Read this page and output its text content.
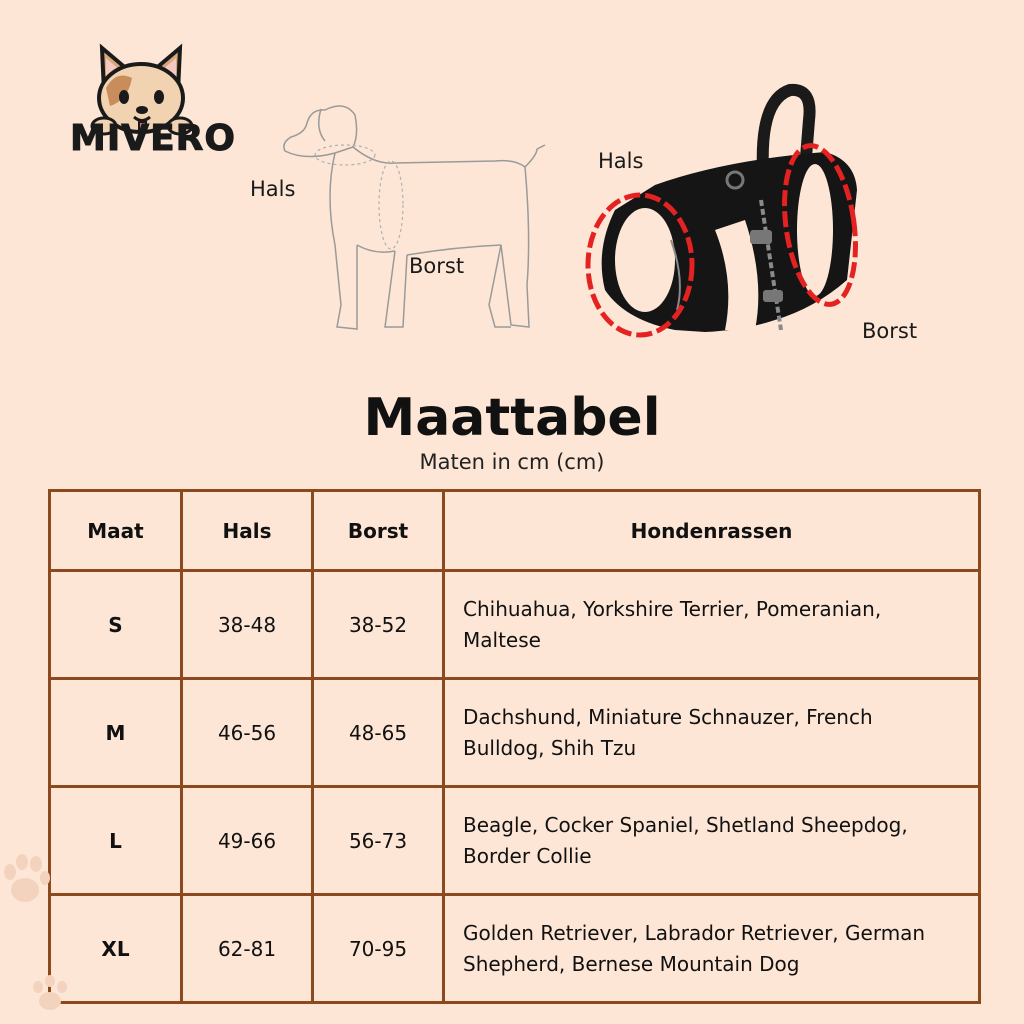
MIVERO
Hals
Borst
Hals
Borst
Maattabel
Maten in cm (cm)
Maat	Hals	Borst	Hondenrassen
S	38-48	38-52	Chihuahua, Yorkshire Terrier, Pomeranian, Maltese
M	46-56	48-65	Dachshund, Miniature Schnauzer, French Bulldog, Shih Tzu
L	49-66	56-73	Beagle, Cocker Spaniel, Shetland Sheepdog, Border Collie
XL	62-81	70-95	Golden Retriever, Labrador Retriever, German Shepherd, Bernese Mountain Dog
